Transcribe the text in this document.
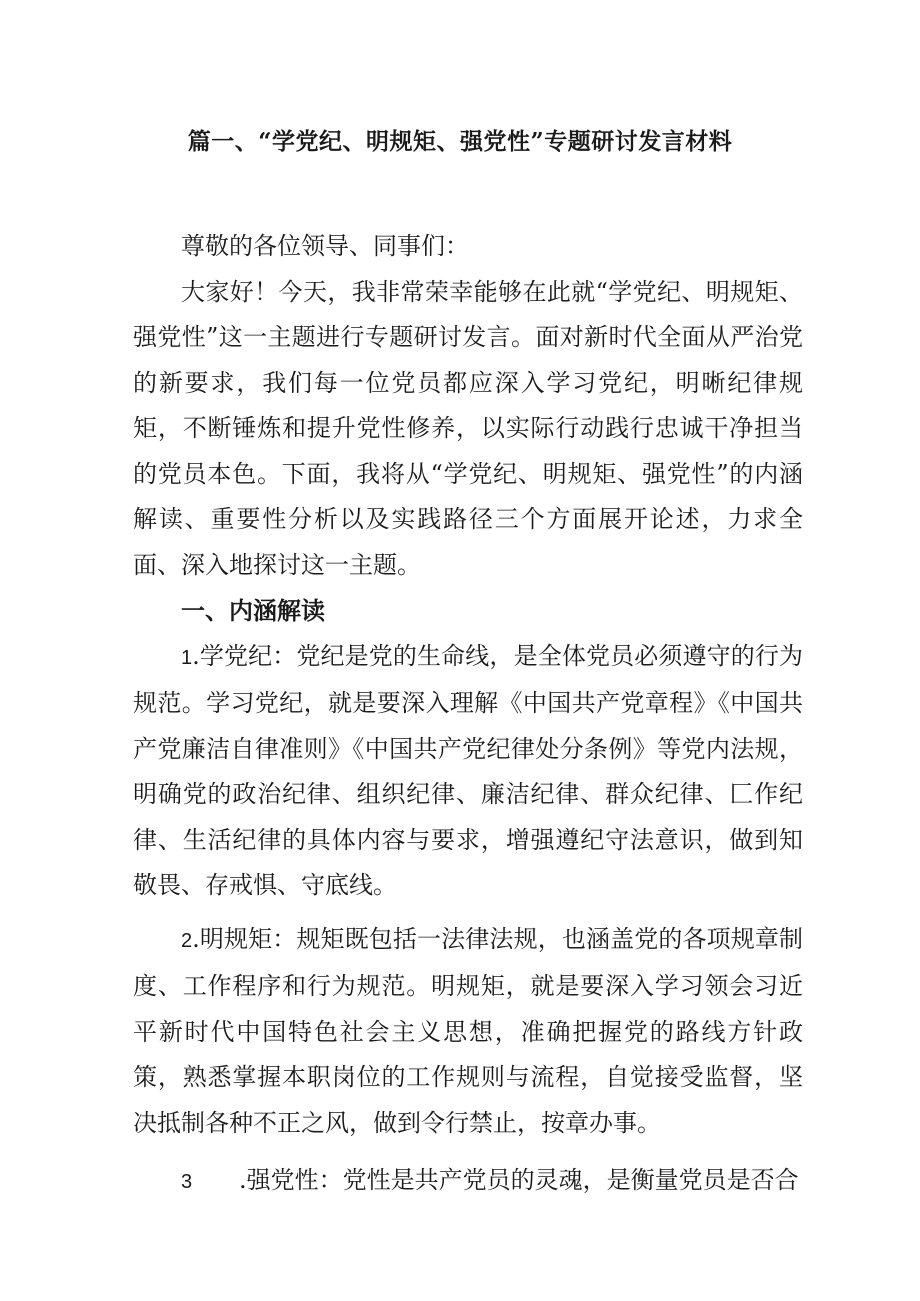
篇一、“学党纪、明规矩、强党性”专题研讨发言材料

尊敬的各位领导、同事们：

大家好！今天，我非常荣幸能够在此就“学党纪、明规矩、强党性”这一主题进行专题研讨发言。面对新时代全面从严治党的新要求，我们每一位党员都应深入学习党纪，明晰纪律规矩，不断锤炼和提升党性修养，以实际行动践行忠诚干净担当的党员本色。下面，我将从“学党纪、明规矩、强党性”的内涵解读、重要性分析以及实践路径三个方面展开论述，力求全面、深入地探讨这一主题。

一、内涵解读

1.学党纪：党纪是党的生命线，是全体党员必须遵守的行为规范。学习党纪，就是要深入理解《中国共产党章程》《中国共产党廉洁自律准则》《中国共产党纪律处分条例》等党内法规，明确党的政治纪律、组织纪律、廉洁纪律、群众纪律、匚作纪律、生活纪律的具体内容与要求，增强遵纪守法意识，做到知敬畏、存戒惧、守底线。

2.明规矩：规矩既包括一法律法规，也涵盖党的各项规章制度、工作程序和行为规范。明规矩，就是要深入学习领会习近平新时代中国特色社会主义思想，准确把握党的路线方针政策，熟悉掌握本职岗位的工作规则与流程，自觉接受监督，坚决抵制各种不正之风，做到令行禁止，按章办事。

3 .强党性：党性是共产党员的灵魂，是衡量党员是否合
